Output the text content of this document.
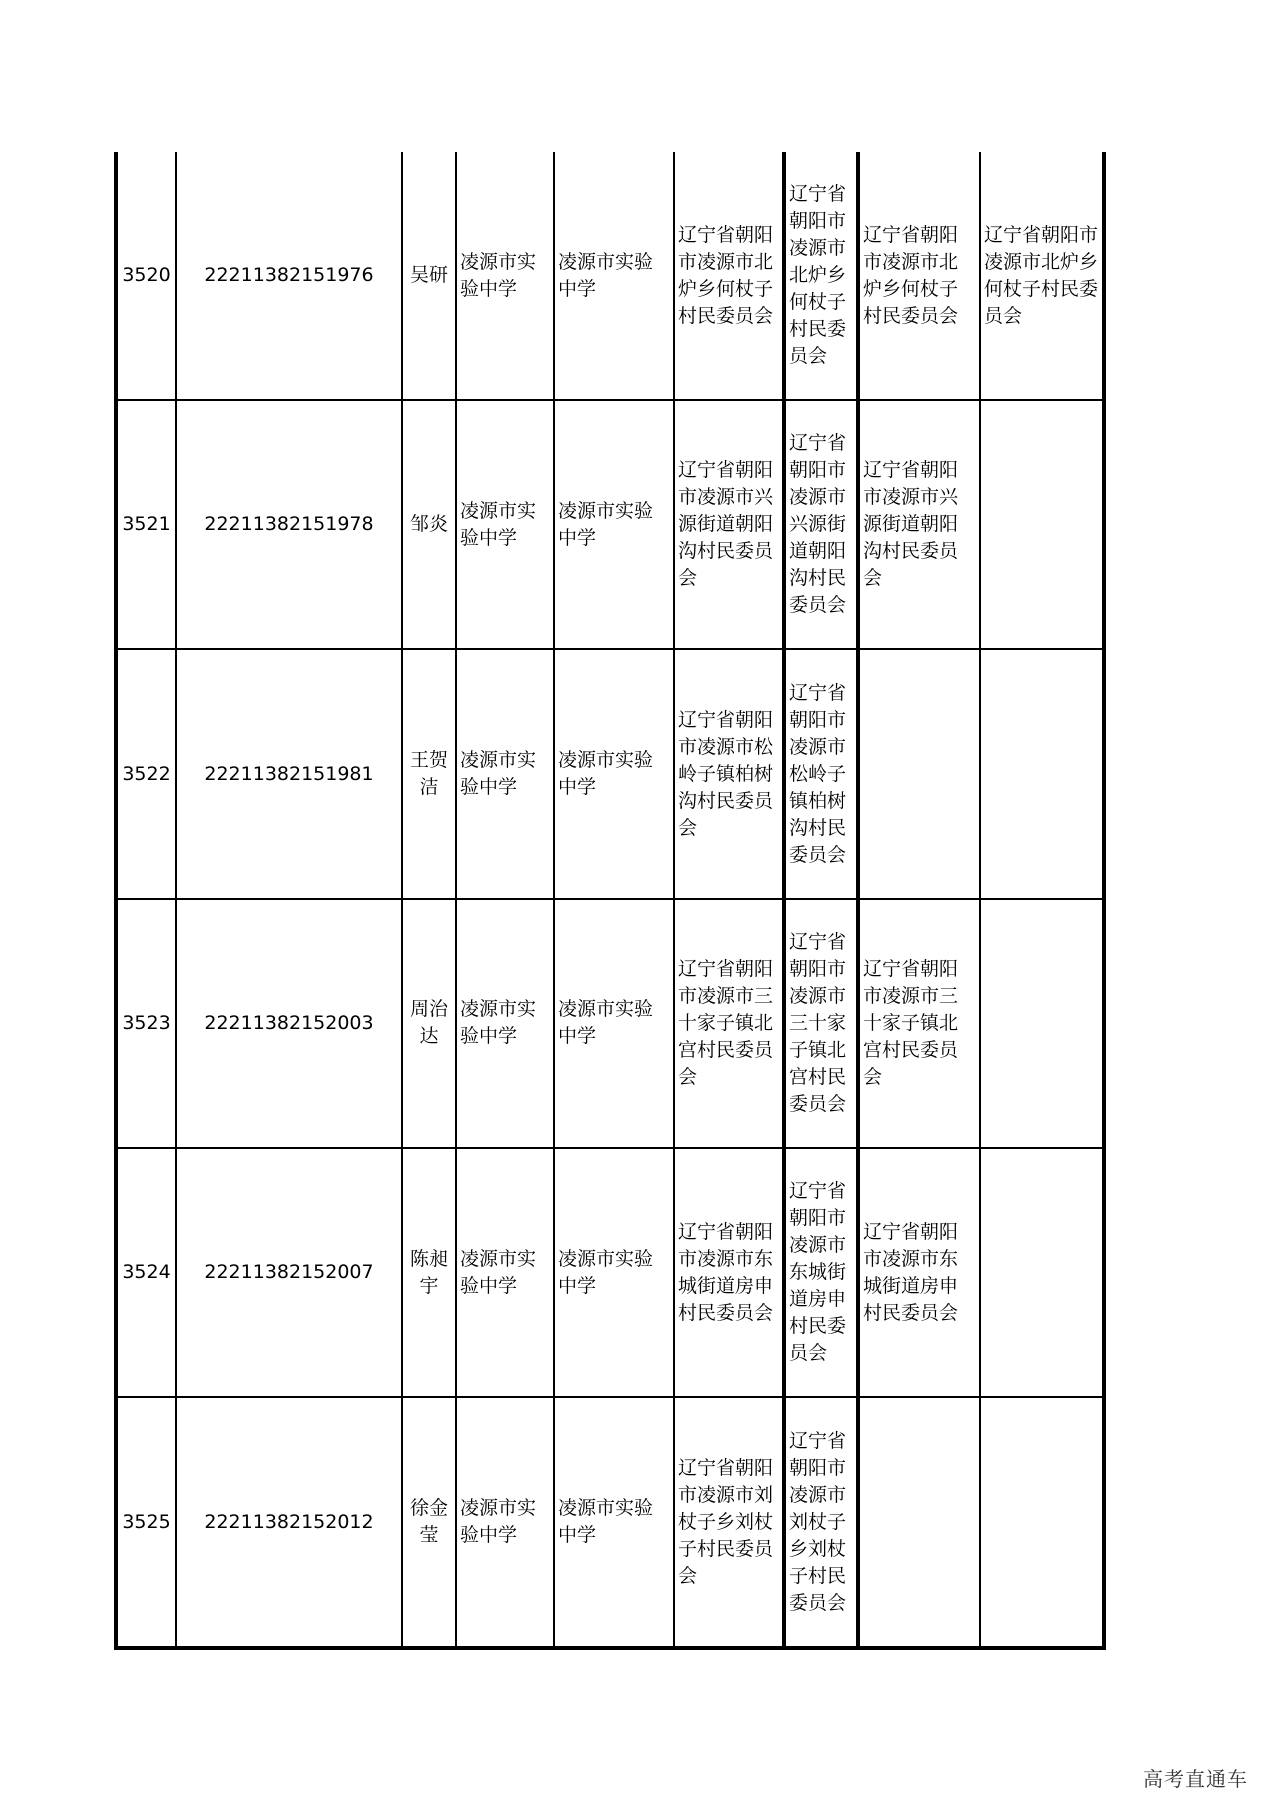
3520	22211382151976	吴研	凌源市实验中学	凌源市实验中学	辽宁省朝阳市凌源市北炉乡何杖子村民委员会	辽宁省朝阳市凌源市北炉乡何杖子村民委员会	辽宁省朝阳市凌源市北炉乡何杖子村民委员会	辽宁省朝阳市凌源市北炉乡何杖子村民委员会
3521	22211382151978	邹炎	凌源市实验中学	凌源市实验中学	辽宁省朝阳市凌源市兴源街道朝阳沟村民委员会	辽宁省朝阳市凌源市兴源街道朝阳沟村民委员会	辽宁省朝阳市凌源市兴源街道朝阳沟村民委员会	
3522	22211382151981	王贺洁	凌源市实验中学	凌源市实验中学	辽宁省朝阳市凌源市松岭子镇柏树沟村民委员会	辽宁省朝阳市凌源市松岭子镇柏树沟村民委员会		
3523	22211382152003	周治达	凌源市实验中学	凌源市实验中学	辽宁省朝阳市凌源市三十家子镇北宫村民委员会	辽宁省朝阳市凌源市三十家子镇北宫村民委员会	辽宁省朝阳市凌源市三十家子镇北宫村民委员会	
3524	22211382152007	陈昶宇	凌源市实验中学	凌源市实验中学	辽宁省朝阳市凌源市东城街道房申村民委员会	辽宁省朝阳市凌源市东城街道房申村民委员会	辽宁省朝阳市凌源市东城街道房申村民委员会	
3525	22211382152012	徐金莹	凌源市实验中学	凌源市实验中学	辽宁省朝阳市凌源市刘杖子乡刘杖子村民委员会	辽宁省朝阳市凌源市刘杖子乡刘杖子村民委员会		
高考直通车
